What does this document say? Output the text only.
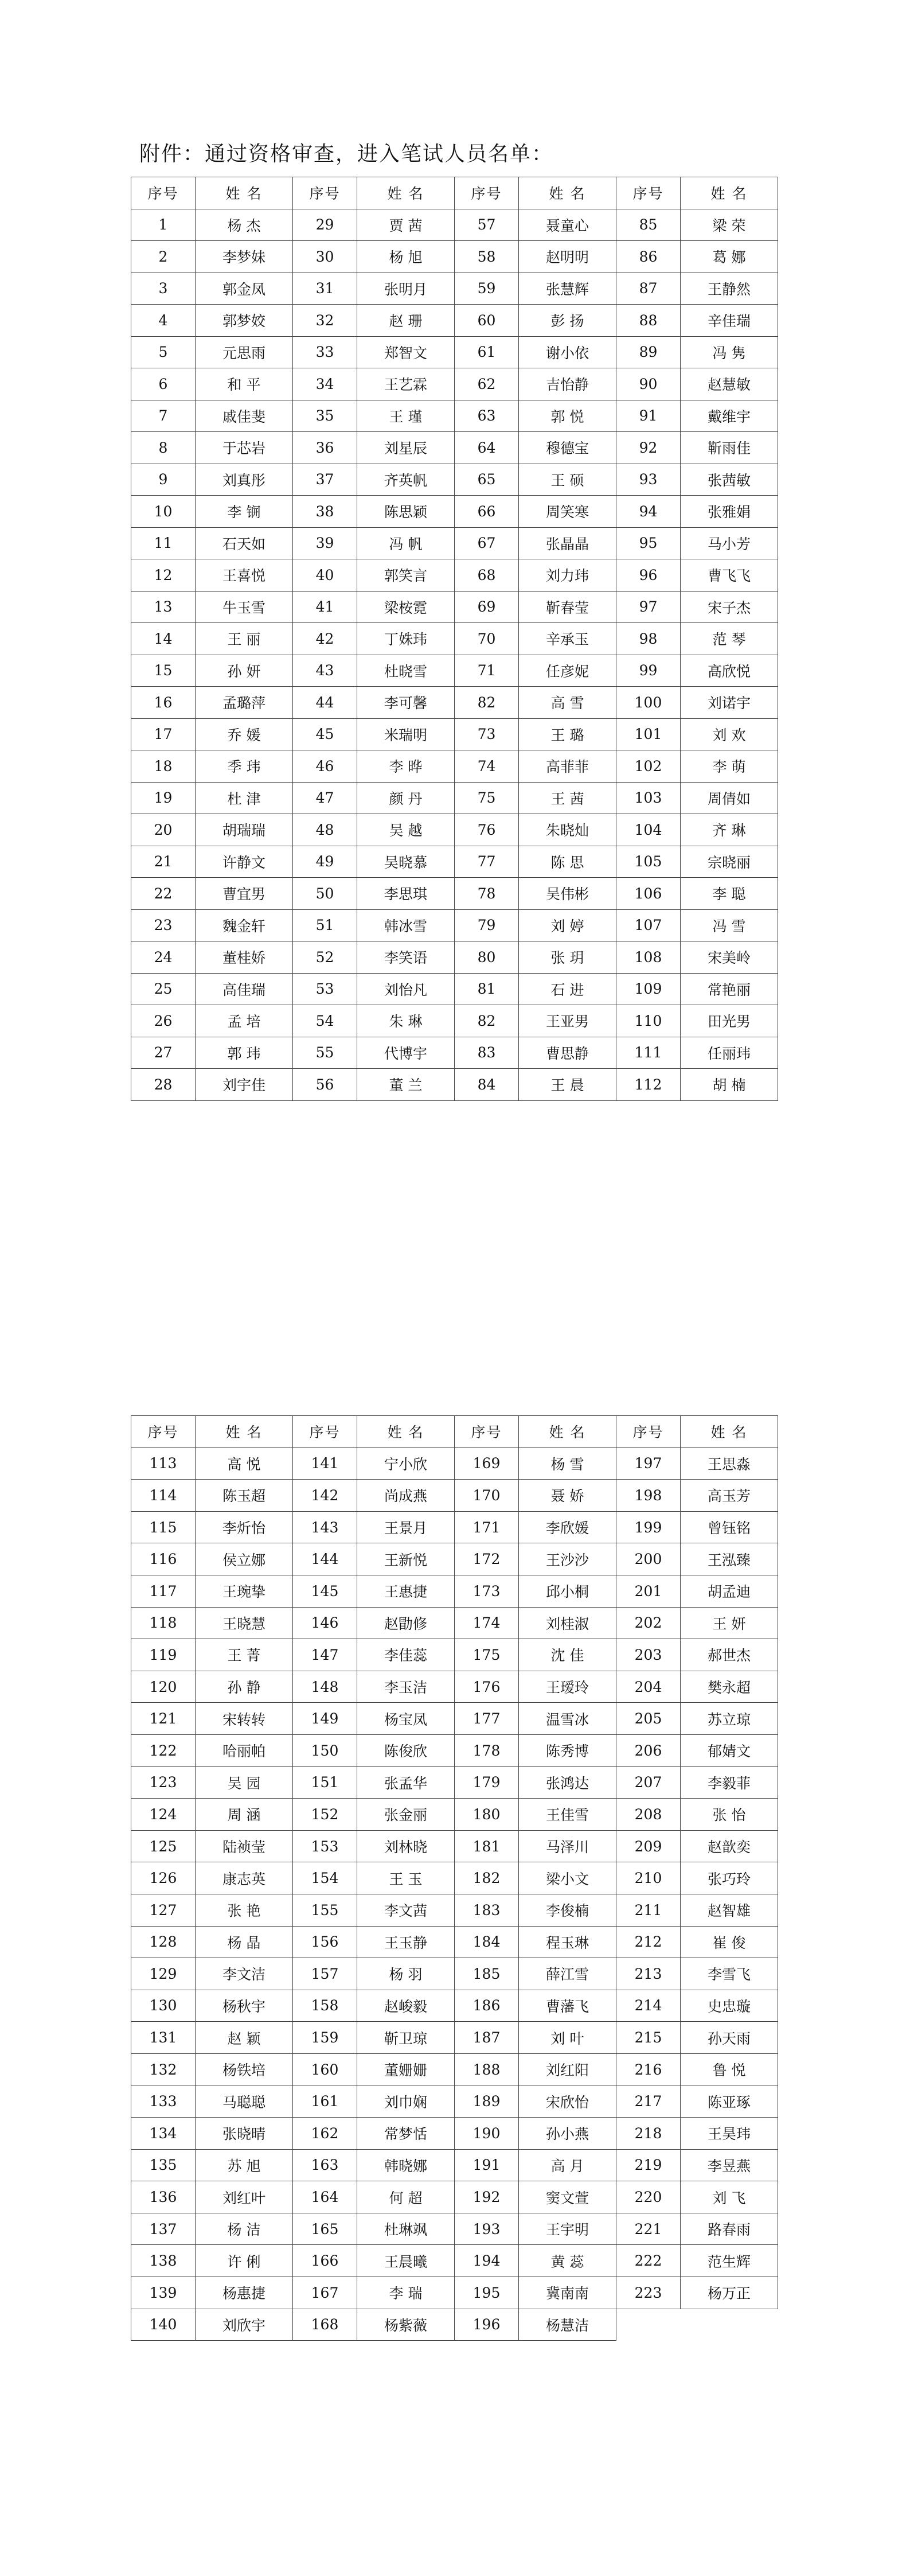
附件：通过资格审查，进入笔试人员名单：
序号	姓 名	序号	姓 名	序号	姓 名	序号	姓 名
1	杨 杰	29	贾 茜	57	聂童心	85	梁 荣
2	李梦妹	30	杨 旭	58	赵明明	86	葛 娜
3	郭金凤	31	张明月	59	张慧辉	87	王静然
4	郭梦姣	32	赵 珊	60	彭 扬	88	辛佳瑞
5	元思雨	33	郑智文	61	谢小依	89	冯 隽
6	和 平	34	王艺霖	62	吉怡静	90	赵慧敏
7	戚佳斐	35	王 瑾	63	郭 悦	91	戴维宇
8	于芯岩	36	刘星辰	64	穆德宝	92	靳雨佳
9	刘真彤	37	齐英帆	65	王 硕	93	张茜敏
10	李 锎	38	陈思颖	66	周笑寒	94	张雅娟
11	石天如	39	冯 帆	67	张晶晶	95	马小芳
12	王喜悦	40	郭笑言	68	刘力玮	96	曹飞飞
13	牛玉雪	41	梁桉霓	69	靳春莹	97	宋子杰
14	王 丽	42	丁姝玮	70	辛承玉	98	范 琴
15	孙 妍	43	杜晓雪	71	任彦妮	99	高欣悦
16	孟璐萍	44	李可馨	82	高 雪	100	刘诺宇
17	乔 媛	45	米瑞明	73	王 璐	101	刘 欢
18	季 玮	46	李 晔	74	高菲菲	102	李 萌
19	杜 津	47	颜 丹	75	王 茜	103	周倩如
20	胡瑞瑞	48	吴 越	76	朱晓灿	104	齐 琳
21	许静文	49	吴晓慕	77	陈 思	105	宗晓丽
22	曹宜男	50	李思琪	78	吴伟彬	106	李 聪
23	魏金轩	51	韩冰雪	79	刘 婷	107	冯 雪
24	董桂娇	52	李笑语	80	张 玥	108	宋美岭
25	高佳瑞	53	刘怡凡	81	石 进	109	常艳丽
26	孟 培	54	朱 琳	82	王亚男	110	田光男
27	郭 玮	55	代博宇	83	曹思静	111	任丽玮
28	刘宇佳	56	董 兰	84	王 晨	112	胡 楠
序号	姓 名	序号	姓 名	序号	姓 名	序号	姓 名
113	高 悦	141	宁小欣	169	杨 雪	197	王思淼
114	陈玉超	142	尚成燕	170	聂 娇	198	高玉芳
115	李炘怡	143	王景月	171	李欣媛	199	曾钰铭
116	侯立娜	144	王新悦	172	王沙沙	200	王泓臻
117	王琬挚	145	王惠捷	173	邱小桐	201	胡孟迪
118	王晓慧	146	赵勖修	174	刘桂淑	202	王 妍
119	王 菁	147	李佳蕊	175	沈 佳	203	郝世杰
120	孙 静	148	李玉洁	176	王瑷玲	204	樊永超
121	宋转转	149	杨宝凤	177	温雪冰	205	苏立琼
122	哈丽帕	150	陈俊欣	178	陈秀博	206	郁婧文
123	吴 园	151	张孟华	179	张鸿达	207	李毅菲
124	周 涵	152	张金丽	180	王佳雪	208	张 怡
125	陆祯莹	153	刘林晓	181	马泽川	209	赵歆奕
126	康志英	154	王 玉	182	梁小文	210	张巧玲
127	张 艳	155	李文茜	183	李俊楠	211	赵智雄
128	杨 晶	156	王玉静	184	程玉琳	212	崔 俊
129	李文洁	157	杨 羽	185	薛江雪	213	李雪飞
130	杨秋宇	158	赵峻毅	186	曹藩飞	214	史忠璇
131	赵 颖	159	靳卫琼	187	刘 叶	215	孙天雨
132	杨铁培	160	董姗姗	188	刘红阳	216	鲁 悦
133	马聪聪	161	刘巾娴	189	宋欣怡	217	陈亚琢
134	张晓晴	162	常梦恬	190	孙小燕	218	王昊玮
135	苏 旭	163	韩晓娜	191	高 月	219	李昱燕
136	刘红叶	164	何 超	192	窦文萱	220	刘 飞
137	杨 洁	165	杜琳飒	193	王宇明	221	路春雨
138	许 俐	166	王晨曦	194	黄 蕊	222	范生辉
139	杨惠捷	167	李 瑞	195	冀南南	223	杨万正
140	刘欣宇	168	杨紫薇	196	杨慧洁		
